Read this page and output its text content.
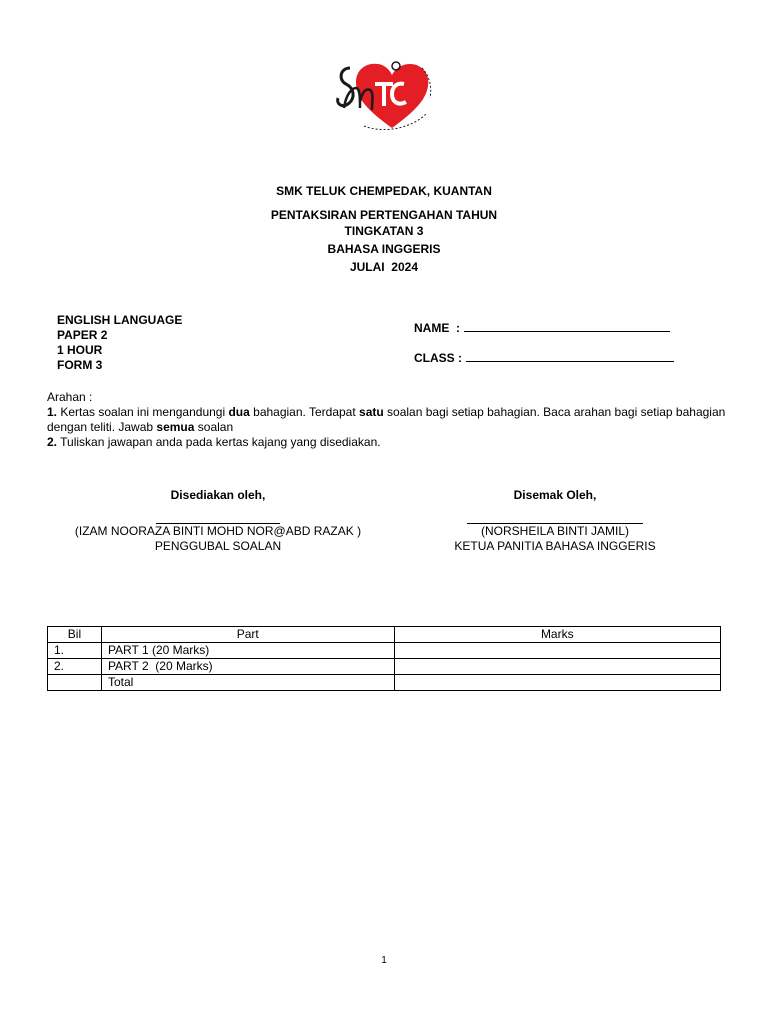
SMK TELUK CHEMPEDAK, KUANTAN
PENTAKSIRAN PERTENGAHAN TAHUN
TINGKATAN 3
BAHASA INGGERIS
JULAI  2024
ENGLISH LANGUAGE
PAPER 2
1 HOUR
FORM 3
NAME  :
CLASS :
Arahan :
1. Kertas soalan ini mengandungi dua bahagian. Terdapat satu soalan bagi setiap bahagian. Baca arahan bagi setiap bahagian dengan teliti. Jawab semua soalan
2. Tuliskan jawapan anda pada kertas kajang yang disediakan.
Disediakan oleh,
(IZAM NOORAZA BINTI MOHD NOR@ABD RAZAK )
PENGGUBAL SOALAN
Disemak Oleh,
(NORSHEILA BINTI JAMIL)
KETUA PANITIA BAHASA INGGERIS
Bil	Part	Marks
1.	PART 1 (20 Marks)	
2.	PART 2  (20 Marks)	
	Total	
1
